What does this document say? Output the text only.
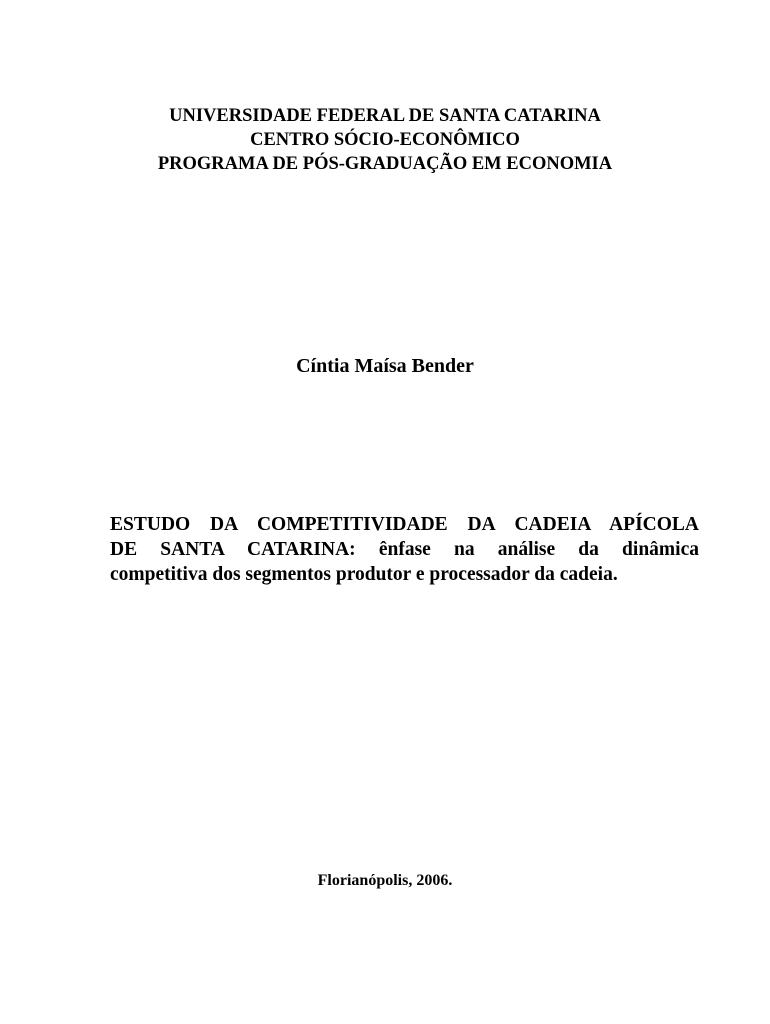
UNIVERSIDADE FEDERAL DE SANTA CATARINA
CENTRO SÓCIO-ECONÔMICO
PROGRAMA DE PÓS-GRADUAÇÃO EM ECONOMIA
Cíntia Maísa Bender
ESTUDO DA COMPETITIVIDADE DA CADEIA APÍCOLA
DE SANTA CATARINA: ênfase na análise da dinâmica
competitiva dos segmentos produtor e processador da cadeia.
Florianópolis, 2006.
